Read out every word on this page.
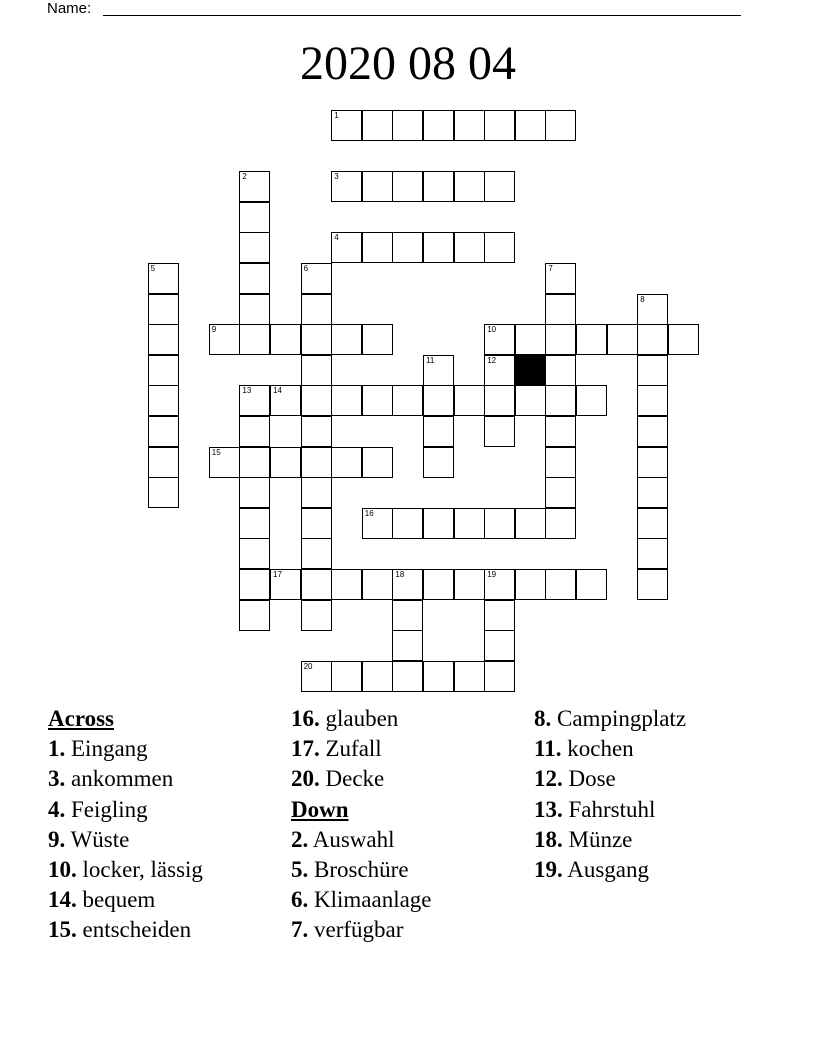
Name:
2020 08 04
1
2	3
4
5	6	7
8
9	10
11	12
13	14
15
16
17	18	19
20
Across
1. Eingang
3. ankommen
4. Feigling
9. Wüste
10. locker, lässig
14. bequem
15. entscheiden
16. glauben
17. Zufall
20. Decke
Down
2. Auswahl
5. Broschüre
6. Klimaanlage
7. verfügbar
8. Campingplatz
11. kochen
12. Dose
13. Fahrstuhl
18. Münze
19. Ausgang
